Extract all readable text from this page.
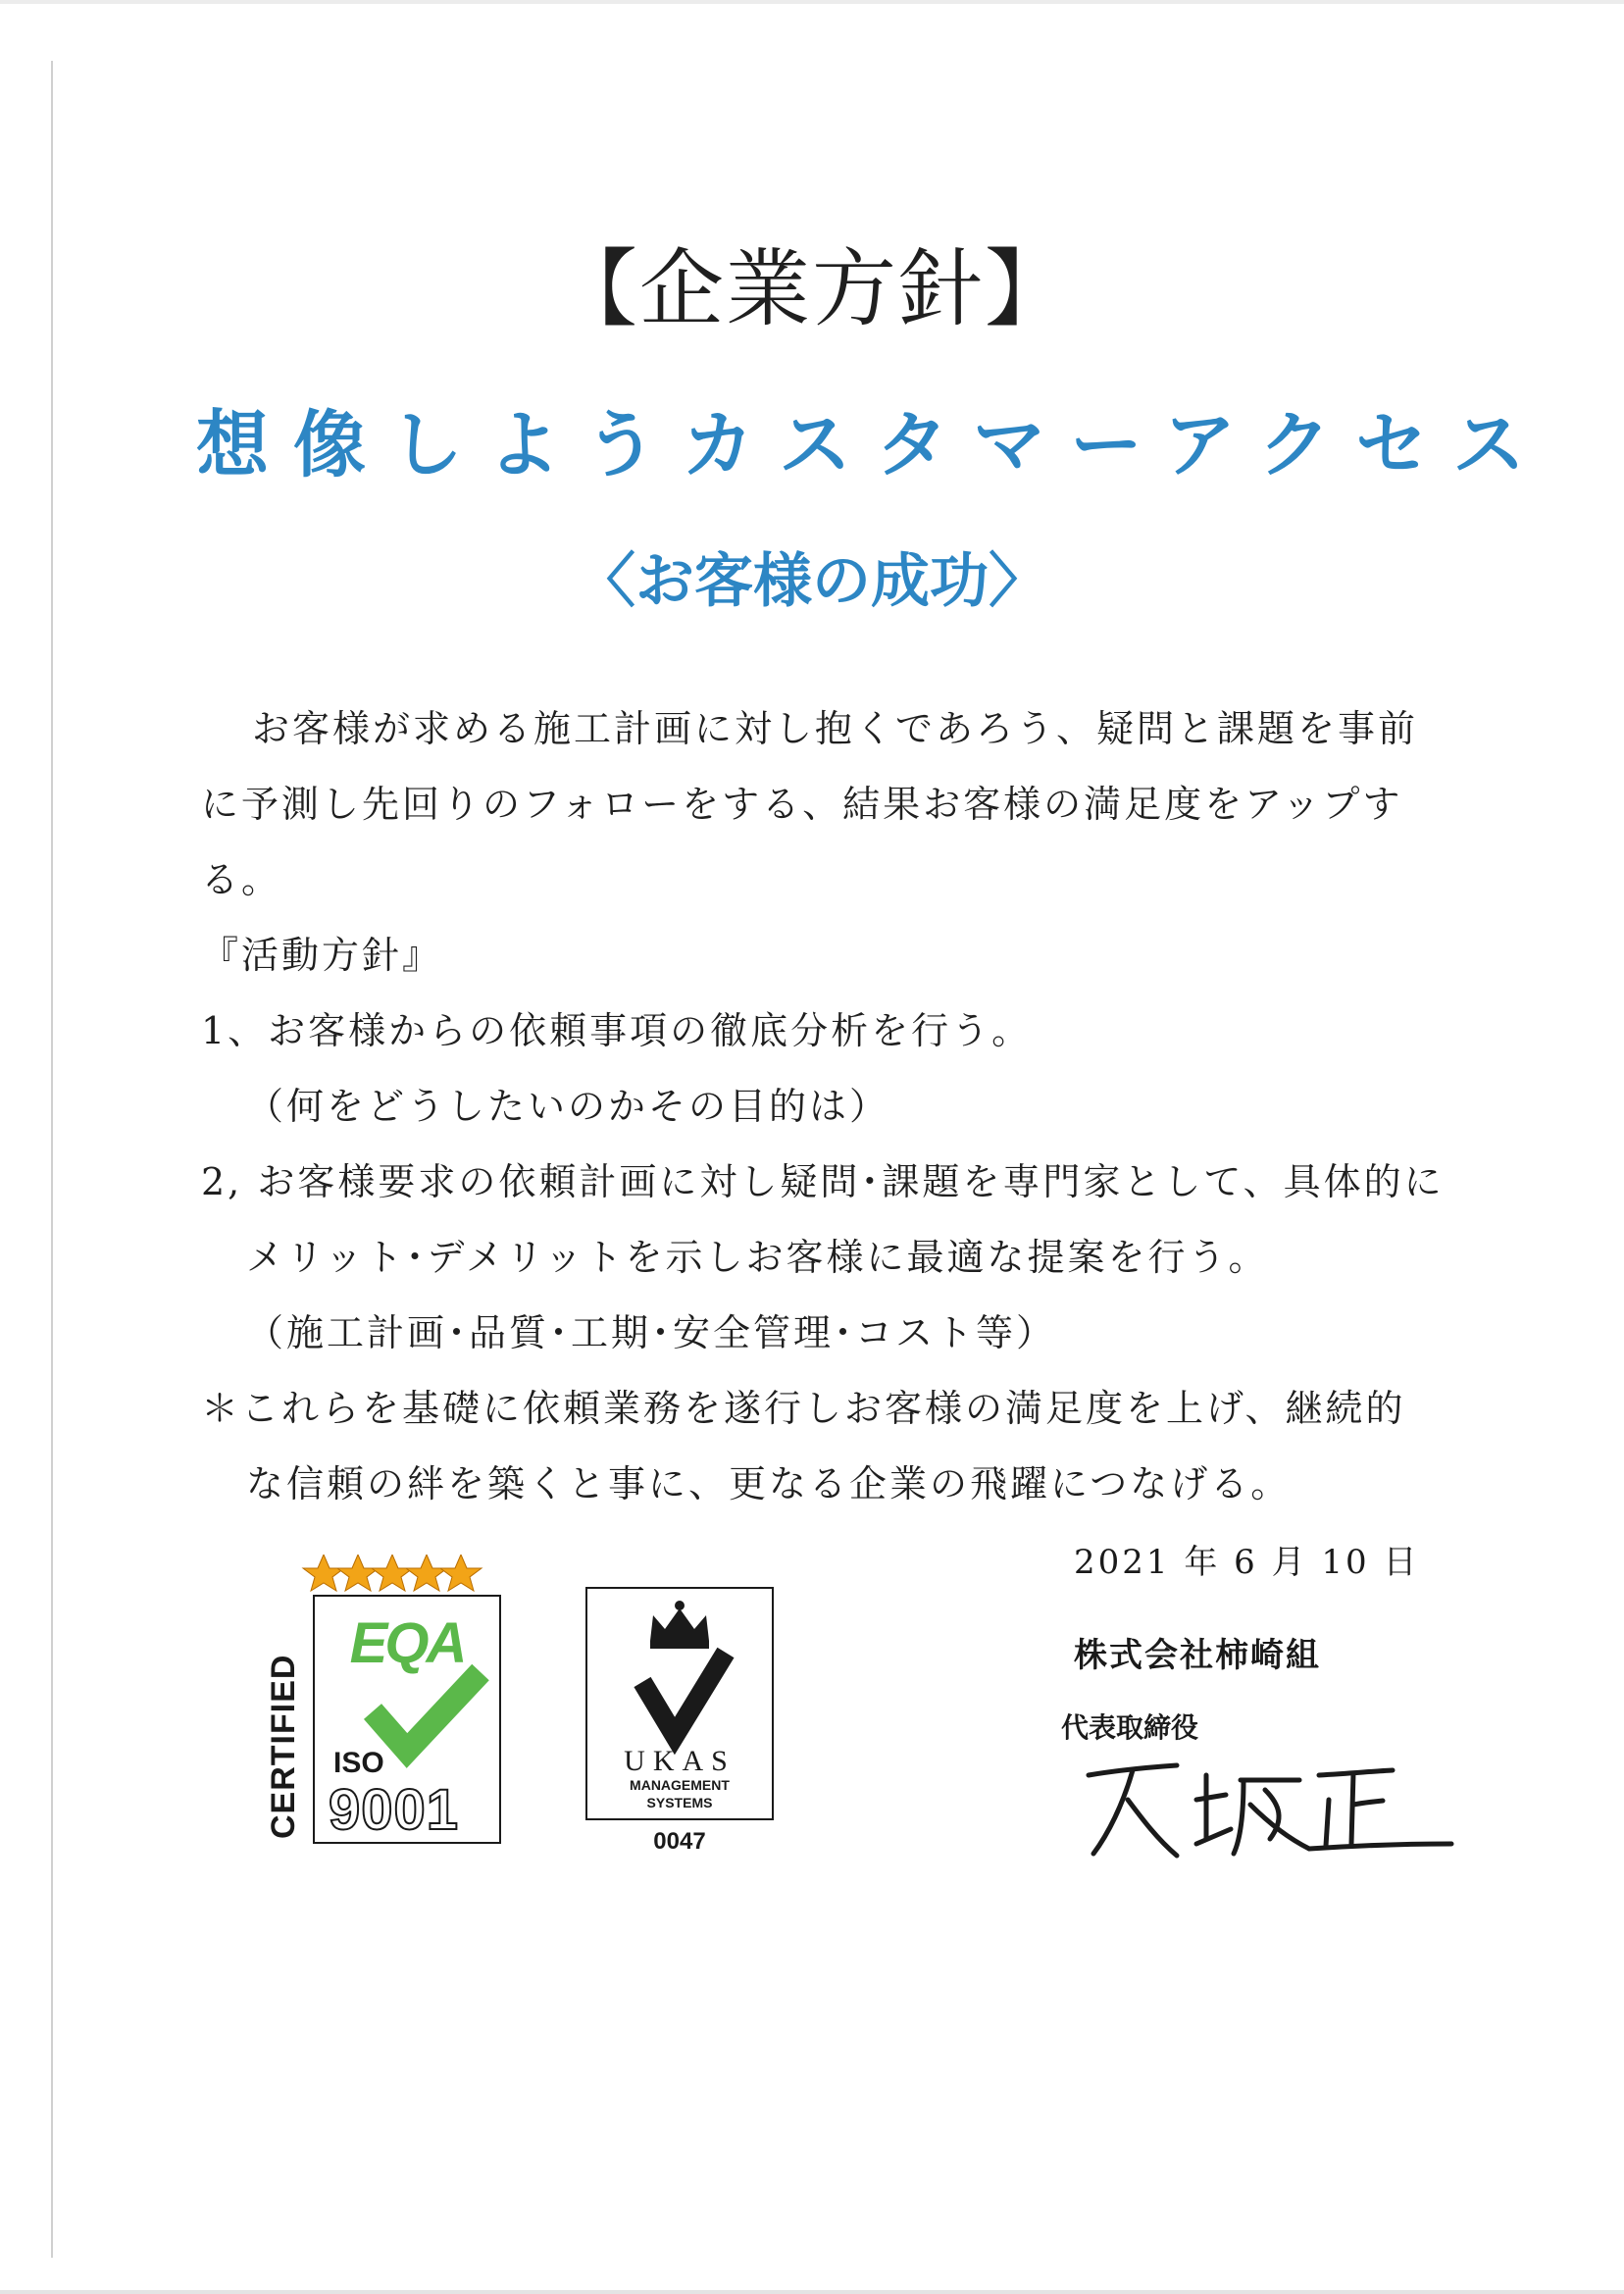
【企業方針】
想像しようカスタマーアクセス
〈お客様の成功〉

お客様が求める施工計画に対し抱くであろう、疑問と課題を事前

に予測し先回りのフォローをする、結果お客様の満足度をアップす

る。

『活動方針』

1、お客様からの依頼事項の徹底分析を行う。

（何をどうしたいのかその目的は）

2, お客様要求の依頼計画に対し疑問･課題を専門家として、具体的に

メリット･デメリットを示しお客様に最適な提案を行う。

（施工計画･品質･工期･安全管理･コスト等）

＊これらを基礎に依頼業務を遂行しお客様の満足度を上げ、継続的

な信頼の絆を築くと事に、更なる企業の飛躍につなげる。

CERTIFIED
EQA
ISO
9001
UKAS
MANAGEMENT
SYSTEMS
0047
2021 年 6 月 10 日
株式会社柿崎組
代表取締役
